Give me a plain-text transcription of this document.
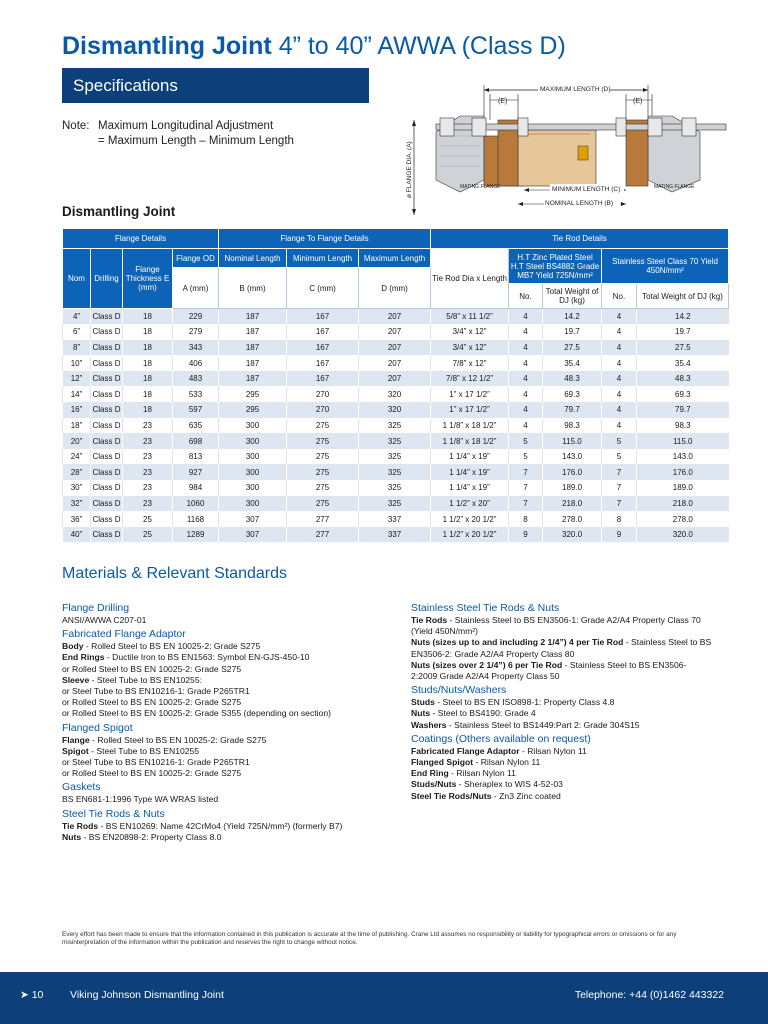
Dismantling Joint 4” to 40” AWWA (Class D)
Specifications
Note: Maximum Longitudinal Adjustment
= Maximum Length – Minimum Length
MAXIMUM LENGTH (D)
(E)	(E)
ø FLANGE DIA. (A)	MATING FLANGE	MATING FLANGE
MINIMUM LENGTH (C)
NOMINAL LENGTH (B)
Dismantling Joint
Flange Details				Flange To Flange Details			Tie Rod Details				
Nom	Drilling	Flange Thickness E (mm)	Flange OD	Nominal Length	Minimum Length	Maximum Length	Tie Rod Dia x Length	H.T Zinc Plated Steel H.T Steel BS4882 Grade MB7 Yield 725N/mm²		Stainless Steel Class 70 Yield 450N/mm²	
			A (mm)	B (mm)	C (mm)	D (mm)					
								No.	Total Weight of DJ (kg)	No.	Total Weight of DJ (kg)
4”	Class D	18	229	187	167	207	5/8” x 11 1/2”	4	14.2	4	14.2
6”	Class D	18	279	187	167	207	3/4” x 12”	4	19.7	4	19.7
8”	Class D	18	343	187	167	207	3/4” x 12”	4	27.5	4	27.5
10”	Class D	18	406	187	167	207	7/8” x 12”	4	35.4	4	35.4
12”	Class D	18	483	187	167	207	7/8” x 12 1/2”	4	48.3	4	48.3
14”	Class D	18	533	295	270	320	1” x 17 1/2”	4	69.3	4	69.3
16”	Class D	18	597	295	270	320	1” x 17 1/2”	4	79.7	4	79.7
18”	Class D	23	635	300	275	325	1 1/8” x 18 1/2”	4	98.3	4	98.3
20”	Class D	23	698	300	275	325	1 1/8” x 18 1/2”	5	115.0	5	115.0
24”	Class D	23	813	300	275	325	1 1/4” x 19”	5	143.0	5	143.0
28”	Class D	23	927	300	275	325	1 1/4” x 19”	7	176.0	7	176.0
30”	Class D	23	984	300	275	325	1 1/4” x 19”	7	189.0	7	189.0
32”	Class D	23	1060	300	275	325	1 1/2” x 20”	7	218.0	7	218.0
36”	Class D	25	1168	307	277	337	1 1/2” x 20 1/2”	8	278.0	8	278.0
40”	Class D	25	1289	307	277	337	1 1/2” x 20 1/2”	9	320.0	9	320.0
Materials & Relevant Standards
Flange Drilling
ANSI/AWWA C207-01
Fabricated Flange Adaptor
Body - Rolled Steel to BS EN 10025-2: Grade S275
End Rings - Ductile Iron to BS EN1563: Symbol EN-GJS-450-10
or Rolled Steel to BS EN 10025-2: Grade S275
Sleeve - Steel Tube to BS EN10255:
or Steel Tube to BS EN10216-1: Grade P265TR1
or Rolled Steel to BS EN 10025-2: Grade S275
or Rolled Steel to BS EN 10025-2: Grade S355 (depending on section)
Flanged Spigot
Flange - Rolled Steel to BS EN 10025-2: Grade S275
Spigot - Steel Tube to BS EN10255
or Steel Tube to BS EN10216-1: Grade P265TR1
or Rolled Steel to BS EN 10025-2: Grade S275
Gaskets
BS EN681-1:1996 Type WA WRAS listed
Steel Tie Rods & Nuts
Tie Rods - BS EN10269: Name 42CrMo4 (Yield 725N/mm²) (formerly B7)
Nuts - BS EN20898-2: Property Class 8.0
Stainless Steel Tie Rods & Nuts
Tie Rods - Stainless Steel to BS EN3506-1: Grade A2/A4 Property Class 70
(Yield 450N/mm²)
Nuts (sizes up to and including 2 1/4”) 4 per Tie Rod - Stainless Steel to BS
EN3506-2: Grade A2/A4 Property Class 80
Nuts (sizes over 2 1/4”) 6 per Tie Rod - Stainless Steel to BS EN3506-
2:2009 Grade A2/A4 Property Class 50
Studs/Nuts/Washers
Studs - Steel to BS EN ISO898-1: Property Class 4.8
Nuts - Steel to BS4190: Grade 4
Washers - Stainless Steel to BS1449:Part 2: Grade 304S15
Coatings (Others available on request)
Fabricated Flange Adaptor - Rilsan Nylon 11
Flanged Spigot - Rilsan Nylon 11
End Ring - Rilsan Nylon 11
Studs/Nuts - Sheraplex to WIS 4-52-03
Steel Tie Rods/Nuts - Zn3 Zinc coated
Every effort has been made to ensure that the information contained in this publication is accurate at the time of publishing. Crane Ltd assumes no responsibility or liability for typographical errors or omissions or for any misinterpretation of the information within the publication and reserves the right to change without notice.
➤ 10	Viking Johnson Dismantling Joint	Telephone: +44 (0)1462 443322
